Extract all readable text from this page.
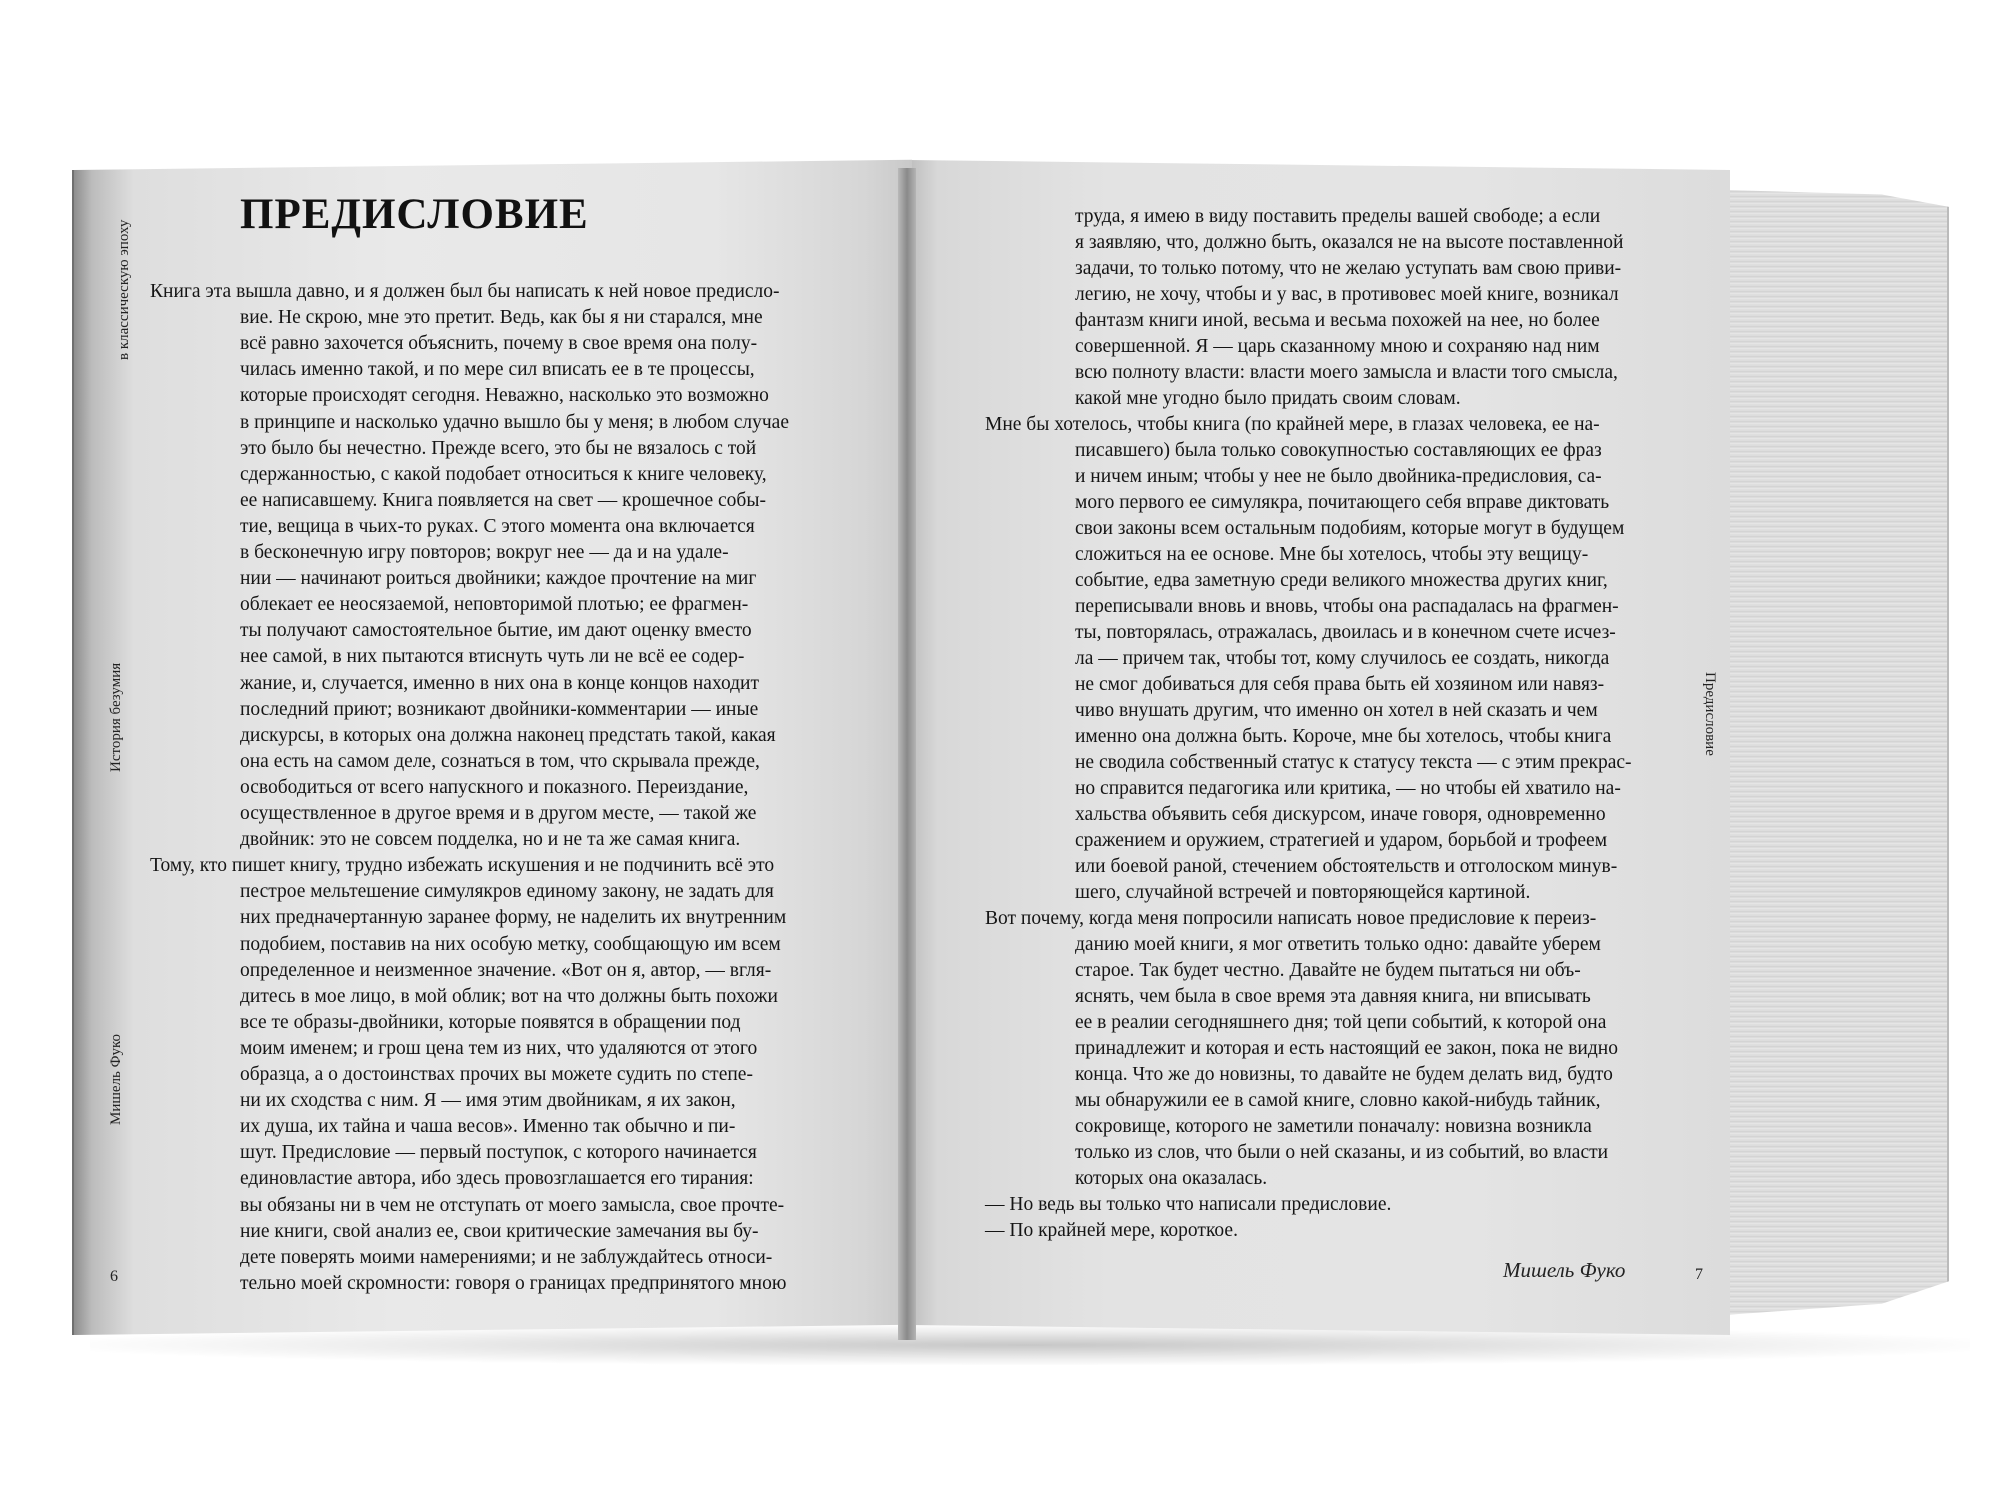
в классическую эпоху
История безумия
Мишель Фуко
6
ПРЕДИСЛОВИЕ

Книга эта вышла давно, и я должен был бы написать к ней новое предисло-

вие. Не скрою, мне это претит. Ведь, как бы я ни старался, мне

всё равно захочется объяснить, почему в свое время она полу-

чилась именно такой, и по мере сил вписать ее в те процессы,

которые происходят сегодня. Неважно, насколько это возможно

в принципе и насколько удачно вышло бы у меня; в любом случае

это было бы нечестно. Прежде всего, это бы не вязалось с той

сдержанностью, с какой подобает относиться к книге человеку,

ее написавшему. Книга появляется на свет — крошечное собы-

тие, вещица в чьих-то руках. С этого момента она включается

в бесконечную игру повторов; вокруг нее — да и на удале-

нии — начинают роиться двойники; каждое прочтение на миг

облекает ее неосязаемой, неповторимой плотью; ее фрагмен-

ты получают самостоятельное бытие, им дают оценку вместо

нее самой, в них пытаются втиснуть чуть ли не всё ее содер-

жание, и, случается, именно в них она в конце концов находит

последний приют; возникают двойники-комментарии — иные

дискурсы, в которых она должна наконец предстать такой, какая

она есть на самом деле, сознаться в том, что скрывала прежде,

освободиться от всего напускного и показного. Переиздание,

осуществленное в другое время и в другом месте, — такой же

двойник: это не совсем подделка, но и не та же самая книга.

Тому, кто пишет книгу, трудно избежать искушения и не подчинить всё это

пестрое мельтешение симулякров единому закону, не задать для

них предначертанную заранее форму, не наделить их внутренним

подобием, поставив на них особую метку, сообщающую им всем

определенное и неизменное значение. «Вот он я, автор, — вгля-

дитесь в мое лицо, в мой облик; вот на что должны быть похожи

все те образы-двойники, которые появятся в обращении под

моим именем; и грош цена тем из них, что удаляются от этого

образца, а о достоинствах прочих вы можете судить по степе-

ни их сходства с ним. Я — имя этим двойникам, я их закон,

их душа, их тайна и чаша весов». Именно так обычно и пи-

шут. Предисловие — первый поступок, с которого начинается

единовластие автора, ибо здесь провозглашается его тирания:

вы обязаны ни в чем не отступать от моего замысла, свое прочте-

ние книги, свой анализ ее, свои критические замечания вы бу-

дете поверять моими намерениями; и не заблуждайтесь относи-

тельно моей скромности: говоря о границах предпринятого мною

труда, я имею в виду поставить пределы вашей свободе; а если

я заявляю, что, должно быть, оказался не на высоте поставленной

задачи, то только потому, что не желаю уступать вам свою приви-

легию, не хочу, чтобы и у вас, в противовес моей книге, возникал

фантазм книги иной, весьма и весьма похожей на нее, но более

совершенной. Я — царь сказанному мною и сохраняю над ним

всю полноту власти: власти моего замысла и власти того смысла,

какой мне угодно было придать своим словам.

Мне бы хотелось, чтобы книга (по крайней мере, в глазах человека, ее на-

писавшего) была только совокупностью составляющих ее фраз

и ничем иным; чтобы у нее не было двойника-предисловия, са-

мого первого ее симулякра, почитающего себя вправе диктовать

свои законы всем остальным подобиям, которые могут в будущем

сложиться на ее основе. Мне бы хотелось, чтобы эту вещицу-

событие, едва заметную среди великого множества других книг,

переписывали вновь и вновь, чтобы она распадалась на фрагмен-

ты, повторялась, отражалась, двоилась и в конечном счете исчез-

ла — причем так, чтобы тот, кому случилось ее создать, никогда

не смог добиваться для себя права быть ей хозяином или навяз-

чиво внушать другим, что именно он хотел в ней сказать и чем

именно она должна быть. Короче, мне бы хотелось, чтобы книга

не сводила собственный статус к статусу текста — с этим прекрас-

но справится педагогика или критика, — но чтобы ей хватило на-

хальства объявить себя дискурсом, иначе говоря, одновременно

сражением и оружием, стратегией и ударом, борьбой и трофеем

или боевой раной, стечением обстоятельств и отголоском минув-

шего, случайной встречей и повторяющейся картиной.

Вот почему, когда меня попросили написать новое предисловие к переиз-

данию моей книги, я мог ответить только одно: давайте уберем

старое. Так будет честно. Давайте не будем пытаться ни объ-

яснять, чем была в свое время эта давняя книга, ни вписывать

ее в реалии сегодняшнего дня; той цепи событий, к которой она

принадлежит и которая и есть настоящий ее закон, пока не видно

конца. Что же до новизны, то давайте не будем делать вид, будто

мы обнаружили ее в самой книге, словно какой-нибудь тайник,

сокровище, которого не заметили поначалу: новизна возникла

только из слов, что были о ней сказаны, и из событий, во власти

которых она оказалась.

— Но ведь вы только что написали предисловие.

— По крайней мере, короткое.

Предисловие
7
Мишель Фуко
